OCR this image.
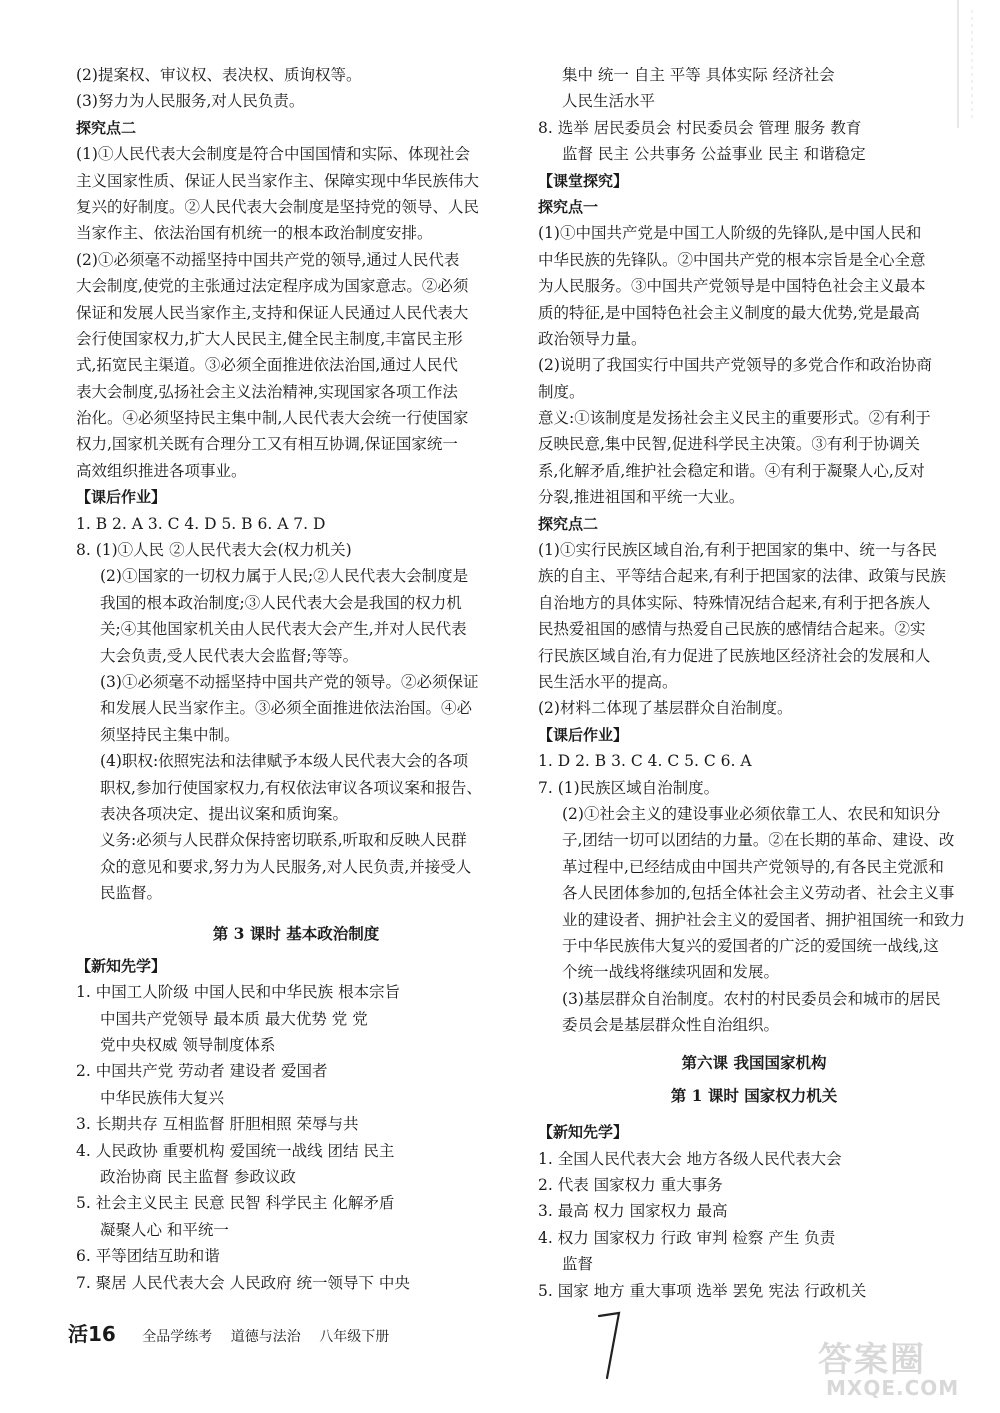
(2)提案权、审议权、表决权、质询权等。
(3)努力为人民服务,对人民负责。
探究点二
(1)①人民代表大会制度是符合中国国情和实际、体现社会
主义国家性质、保证人民当家作主、保障实现中华民族伟大
复兴的好制度。②人民代表大会制度是坚持党的领导、人民
当家作主、依法治国有机统一的根本政治制度安排。
(2)①必须毫不动摇坚持中国共产党的领导,通过人民代表
大会制度,使党的主张通过法定程序成为国家意志。②必须
保证和发展人民当家作主,支持和保证人民通过人民代表大
会行使国家权力,扩大人民民主,健全民主制度,丰富民主形
式,拓宽民主渠道。③必须全面推进依法治国,通过人民代
表大会制度,弘扬社会主义法治精神,实现国家各项工作法
治化。④必须坚持民主集中制,人民代表大会统一行使国家
权力,国家机关既有合理分工又有相互协调,保证国家统一
高效组织推进各项事业。
【课后作业】
1. B 2. A 3. C 4. D 5. B 6. A 7. D
8. (1)①人民 ②人民代表大会(权力机关)
(2)①国家的一切权力属于人民;②人民代表大会制度是
我国的根本政治制度;③人民代表大会是我国的权力机
关;④其他国家机关由人民代表大会产生,并对人民代表
大会负责,受人民代表大会监督;等等。
(3)①必须毫不动摇坚持中国共产党的领导。②必须保证
和发展人民当家作主。③必须全面推进依法治国。④必
须坚持民主集中制。
(4)职权:依照宪法和法律赋予本级人民代表大会的各项
职权,参加行使国家权力,有权依法审议各项议案和报告、
表决各项决定、提出议案和质询案。
义务:必须与人民群众保持密切联系,听取和反映人民群
众的意见和要求,努力为人民服务,对人民负责,并接受人
民监督。
第 3 课时 基本政治制度
【新知先学】
1. 中国工人阶级 中国人民和中华民族 根本宗旨
中国共产党领导 最本质 最大优势 党 党
党中央权威 领导制度体系
2. 中国共产党 劳动者 建设者 爱国者
中华民族伟大复兴
3. 长期共存 互相监督 肝胆相照 荣辱与共
4. 人民政协 重要机构 爱国统一战线 团结 民主
政治协商 民主监督 参政议政
5. 社会主义民主 民意 民智 科学民主 化解矛盾
凝聚人心 和平统一
6. 平等团结互助和谐
7. 聚居 人民代表大会 人民政府 统一领导下 中央
集中 统一 自主 平等 具体实际 经济社会
人民生活水平
8. 选举 居民委员会 村民委员会 管理 服务 教育
监督 民主 公共事务 公益事业 民主 和谐稳定
【课堂探究】
探究点一
(1)①中国共产党是中国工人阶级的先锋队,是中国人民和
中华民族的先锋队。②中国共产党的根本宗旨是全心全意
为人民服务。③中国共产党领导是中国特色社会主义最本
质的特征,是中国特色社会主义制度的最大优势,党是最高
政治领导力量。
(2)说明了我国实行中国共产党领导的多党合作和政治协商
制度。
意义:①该制度是发扬社会主义民主的重要形式。②有利于
反映民意,集中民智,促进科学民主决策。③有利于协调关
系,化解矛盾,维护社会稳定和谐。④有利于凝聚人心,反对
分裂,推进祖国和平统一大业。
探究点二
(1)①实行民族区域自治,有利于把国家的集中、统一与各民
族的自主、平等结合起来,有利于把国家的法律、政策与民族
自治地方的具体实际、特殊情况结合起来,有利于把各族人
民热爱祖国的感情与热爱自己民族的感情结合起来。②实
行民族区域自治,有力促进了民族地区经济社会的发展和人
民生活水平的提高。
(2)材料二体现了基层群众自治制度。
【课后作业】
1. D 2. B 3. C 4. C 5. C 6. A
7. (1)民族区域自治制度。
(2)①社会主义的建设事业必须依靠工人、农民和知识分
子,团结一切可以团结的力量。②在长期的革命、建设、改
革过程中,已经结成由中国共产党领导的,有各民主党派和
各人民团体参加的,包括全体社会主义劳动者、社会主义事
业的建设者、拥护社会主义的爱国者、拥护祖国统一和致力
于中华民族伟大复兴的爱国者的广泛的爱国统一战线,这
个统一战线将继续巩固和发展。
(3)基层群众自治制度。农村的村民委员会和城市的居民
委员会是基层群众性自治组织。
第六课 我国国家机构
第 1 课时 国家权力机关
【新知先学】
1. 全国人民代表大会 地方各级人民代表大会
2. 代表 国家权力 重大事务
3. 最高 权力 国家权力 最高
4. 权力 国家权力 行政 审判 检察 产生 负责
监督
5. 国家 地方 重大事项 选举 罢免 宪法 行政机关
活16 全品学练考 道德与法治 八年级下册
答案圈
MXQE.COM
